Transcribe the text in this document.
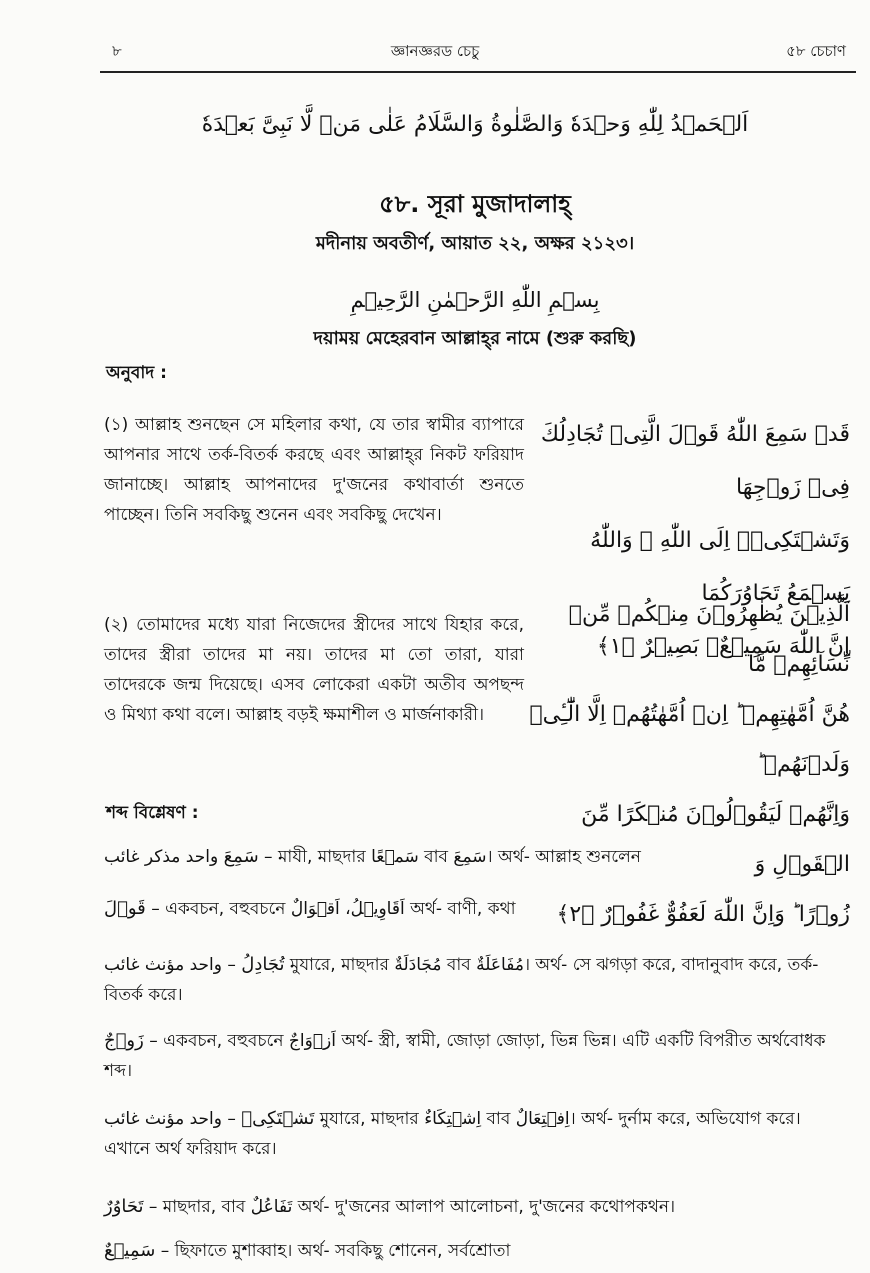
৮	জ্ঞানজ্ঞরড চেচু	৫৮ চেচাণ
اَلۡحَمۡدُ لِلّٰهِ وَحۡدَهٗ وَالصَّلٰوةُ وَالسَّلَامُ عَلٰی مَنۡ لَّا نَبِیَّ بَعۡدَهٗ
৫৮. সূরা মুজাদালাহ্
মদীনায় অবতীর্ণ, আয়াত ২২, অক্ষর ২১২৩।
بِسۡمِ اللّٰهِ الرَّحۡمٰنِ الرَّحِیۡمِ
দয়াময় মেহেরবান আল্লাহ্‌র নামে (শুরু করছি)
অনুবাদ :
(১) আল্লাহ শুনছেন সে মহিলার কথা, যে তার স্বামীর ব্যাপারে আপনার সাথে তর্ক-বিতর্ক করছে এবং আল্লাহ্‌র নিকট ফরিয়াদ জানাচ্ছে। আল্লাহ আপনাদের দু'জনের কথাবার্তা শুনতে পাচ্ছেন। তিনি সবকিছু শুনেন এবং সবকিছু দেখেন।
قَدۡ سَمِعَ اللّٰهُ قَوۡلَ الَّتِیۡ تُجَادِلُكَ فِیۡ زَوۡجِهَا
وَتَشۡتَكِیۡۤ اِلَی اللّٰهِ ۖ وَاللّٰهُ یَسۡمَعُ تَحَاوُرَكُمَا
اِنَّ اللّٰهَ سَمِیۡعٌۢ بَصِیۡرٌ ﴿۱﴾
(২) তোমাদের মধ্যে যারা নিজেদের স্ত্রীদের সাথে যিহার করে, তাদের স্ত্রীরা তাদের মা নয়। তাদের মা তো তারা, যারা তাদেরকে জন্ম দিয়েছে। এসব লোকেরা একটা অতীব অপছন্দ ও মিথ্যা কথা বলে। আল্লাহ বড়ই ক্ষমাশীল ও মার্জনাকারী।
اَلَّذِیۡنَ یُظٰهِرُوۡنَ مِنۡكُمۡ مِّنۡ نِّسَآئِهِمۡ مَّا
هُنَّ اُمَّهٰتِهِمۡ ؕ اِنۡ اُمَّهٰتُهُمۡ اِلَّا الّٰٓـِٔیۡ وَلَدۡنَهُمۡ ؕ
وَاِنَّهُمۡ لَیَقُوۡلُوۡنَ مُنۡكَرًا مِّنَ الۡقَوۡلِ وَ
زُوۡرًا ؕ وَاِنَّ اللّٰهَ لَعَفُوٌّ غَفُوۡرٌ ﴿۲﴾
শব্দ বিশ্লেষণ :
سَمِعَ واحد مذكر غائب – মাযী, মাছদার سَمۡعًا বাব سَمِعَ। অর্থ- আল্লাহ শুনলেন
قَوۡلَ – একবচন, বহুবচনে اَقَاوِیۡلُ، اَقۡوَالٌ অর্থ- বাণী, কথা
تُجَادِلُ – واحد مؤنث غائب মুযারে, মাছদার مُجَادَلَةٌ বাব مُفَاعَلَةٌ। অর্থ- সে ঝগড়া করে, বাদানুবাদ করে, তর্ক-বিতর্ক করে।
زَوۡجٌ – একবচন, বহুবচনে اَزۡوَاجٌ অর্থ- স্ত্রী, স্বামী, জোড়া জোড়া, ভিন্ন ভিন্ন। এটি একটি বিপরীত অর্থবোধক শব্দ।
تَشۡتَكِیۡ – واحد مؤنث غائب মুযারে, মাছদার اِشۡتِكَاءٌ বাব اِفۡتِعَالٌ। অর্থ- দুর্নাম করে, অভিযোগ করে। এখানে অর্থ ফরিয়াদ করে।
تَحَاوُرٌ – মাছদার, বাব تَفَاعُلٌ অর্থ- দু'জনের আলাপ আলোচনা, দু'জনের কথোপকথন।
سَمِیۡعٌ – ছিফাতে মুশাব্বাহ। অর্থ- সবকিছু শোনেন, সর্বশ্রোতা
